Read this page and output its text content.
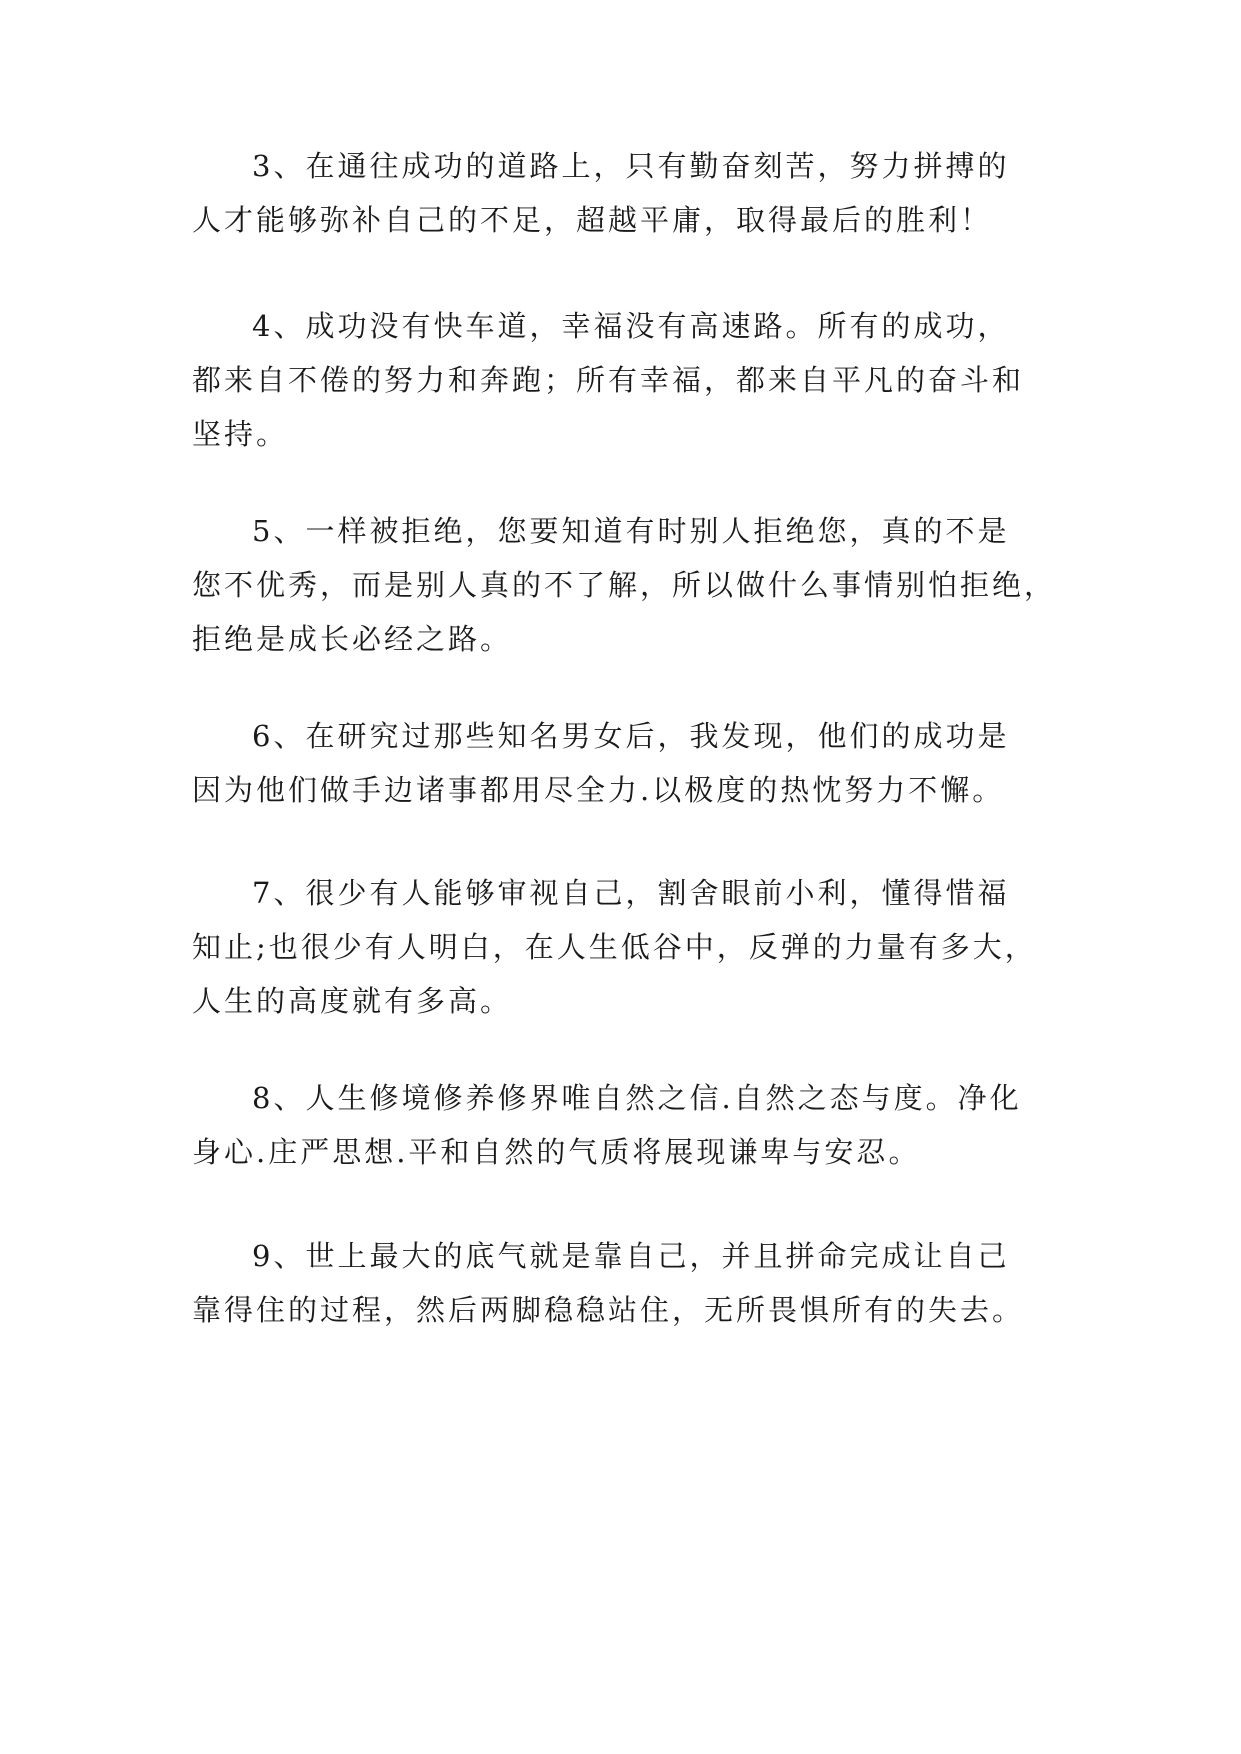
3、在通往成功的道路上，只有勤奋刻苦，努力拼搏的
人才能够弥补自己的不足，超越平庸，取得最后的胜利！
4、成功没有快车道，幸福没有高速路。所有的成功，
都来自不倦的努力和奔跑；所有幸福，都来自平凡的奋斗和
坚持。
5、一样被拒绝，您要知道有时别人拒绝您，真的不是
您不优秀，而是别人真的不了解，所以做什么事情别怕拒绝，
拒绝是成长必经之路。
6、在研究过那些知名男女后，我发现，他们的成功是
因为他们做手边诸事都用尽全力.以极度的热忱努力不懈。
7、很少有人能够审视自己，割舍眼前小利，懂得惜福
知止;也很少有人明白，在人生低谷中，反弹的力量有多大，
人生的高度就有多高。
8、人生修境修养修界唯自然之信.自然之态与度。净化
身心.庄严思想.平和自然的气质将展现谦卑与安忍。
9、世上最大的底气就是靠自己，并且拼命完成让自己
靠得住的过程，然后两脚稳稳站住，无所畏惧所有的失去。
